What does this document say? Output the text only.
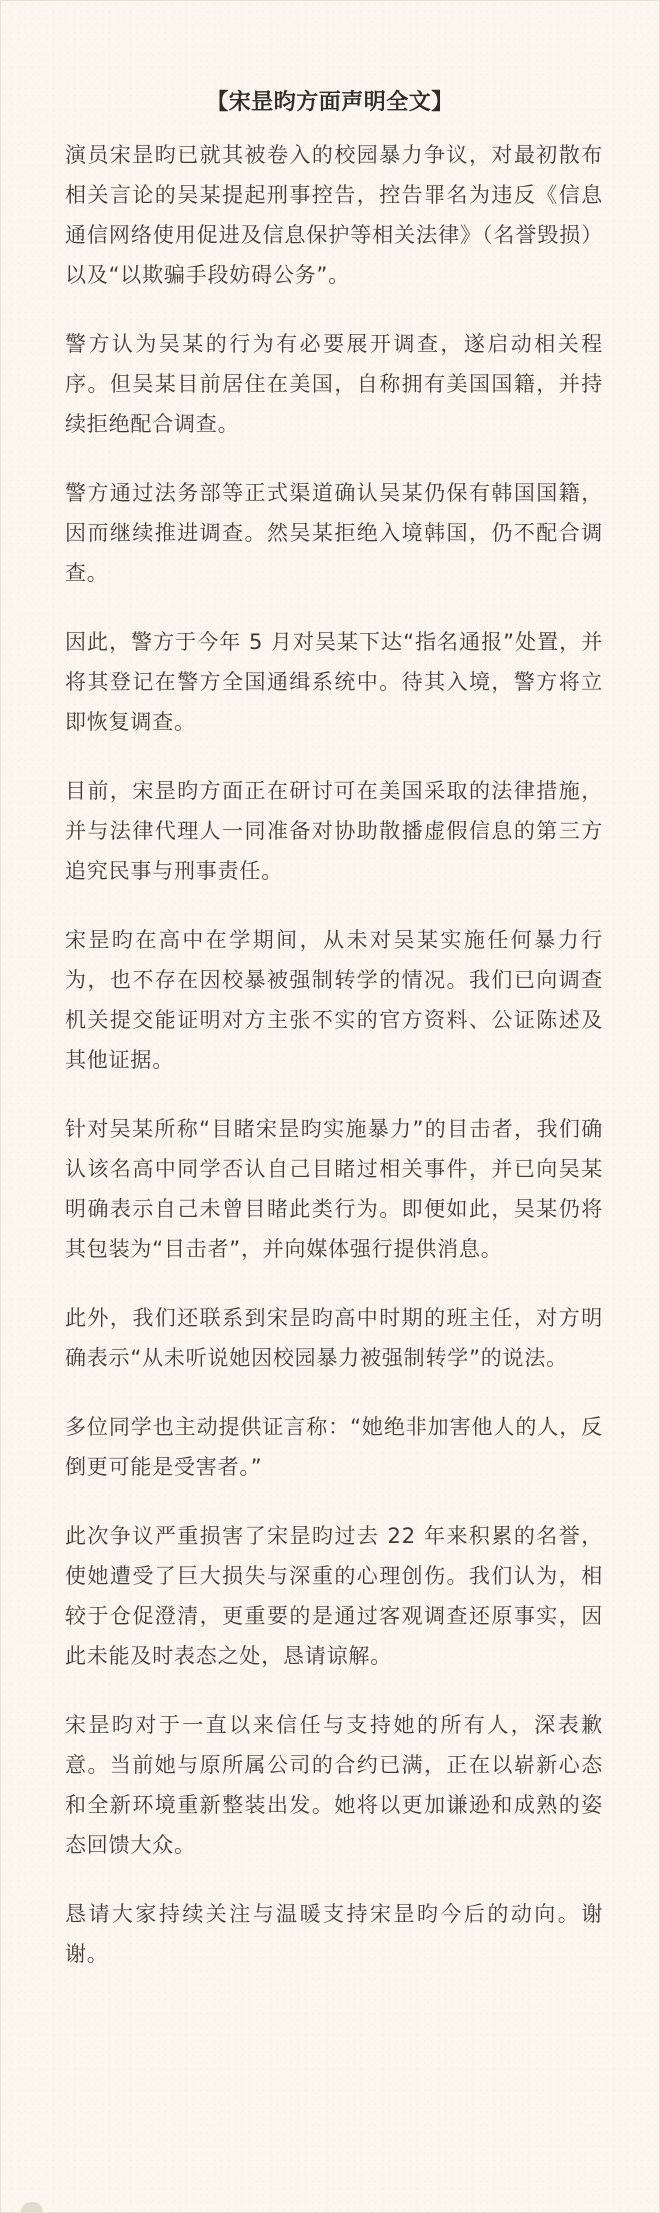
【宋昰昀方面声明全文】

演员宋昰昀已就其被卷入的校园暴力争议，对最初散布相关言论的吴某提起刑事控告，控告罪名为违反《信息通信网络使用促进及信息保护等相关法律》（名誉毁损）以及“以欺骗手段妨碍公务”。

警方认为吴某的行为有必要展开调查，遂启动相关程序。但吴某目前居住在美国，自称拥有美国国籍，并持续拒绝配合调查。

警方通过法务部等正式渠道确认吴某仍保有韩国国籍，因而继续推进调查。然吴某拒绝入境韩国，仍不配合调查。

因此，警方于今年 5 月对吴某下达“指名通报”处置，并将其登记在警方全国通缉系统中。待其入境，警方将立即恢复调查。

目前，宋昰昀方面正在研讨可在美国采取的法律措施，并与法律代理人一同准备对协助散播虚假信息的第三方追究民事与刑事责任。

宋昰昀在高中在学期间，从未对吴某实施任何暴力行为，也不存在因校暴被强制转学的情况。我们已向调查机关提交能证明对方主张不实的官方资料、公证陈述及其他证据。

针对吴某所称“目睹宋昰昀实施暴力”的目击者，我们确认该名高中同学否认自己目睹过相关事件，并已向吴某明确表示自己未曾目睹此类行为。即便如此，吴某仍将其包装为“目击者”，并向媒体强行提供消息。

此外，我们还联系到宋昰昀高中时期的班主任，对方明确表示“从未听说她因校园暴力被强制转学”的说法。

多位同学也主动提供证言称：“她绝非加害他人的人，反倒更可能是受害者。”

此次争议严重损害了宋昰昀过去 22 年来积累的名誉，使她遭受了巨大损失与深重的心理创伤。我们认为，相较于仓促澄清，更重要的是通过客观调查还原事实，因此未能及时表态之处，恳请谅解。

宋昰昀对于一直以来信任与支持她的所有人，深表歉意。当前她与原所属公司的合约已满，正在以崭新心态和全新环境重新整装出发。她将以更加谦逊和成熟的姿态回馈大众。

恳请大家持续关注与温暖支持宋昰昀今后的动向。谢谢。
